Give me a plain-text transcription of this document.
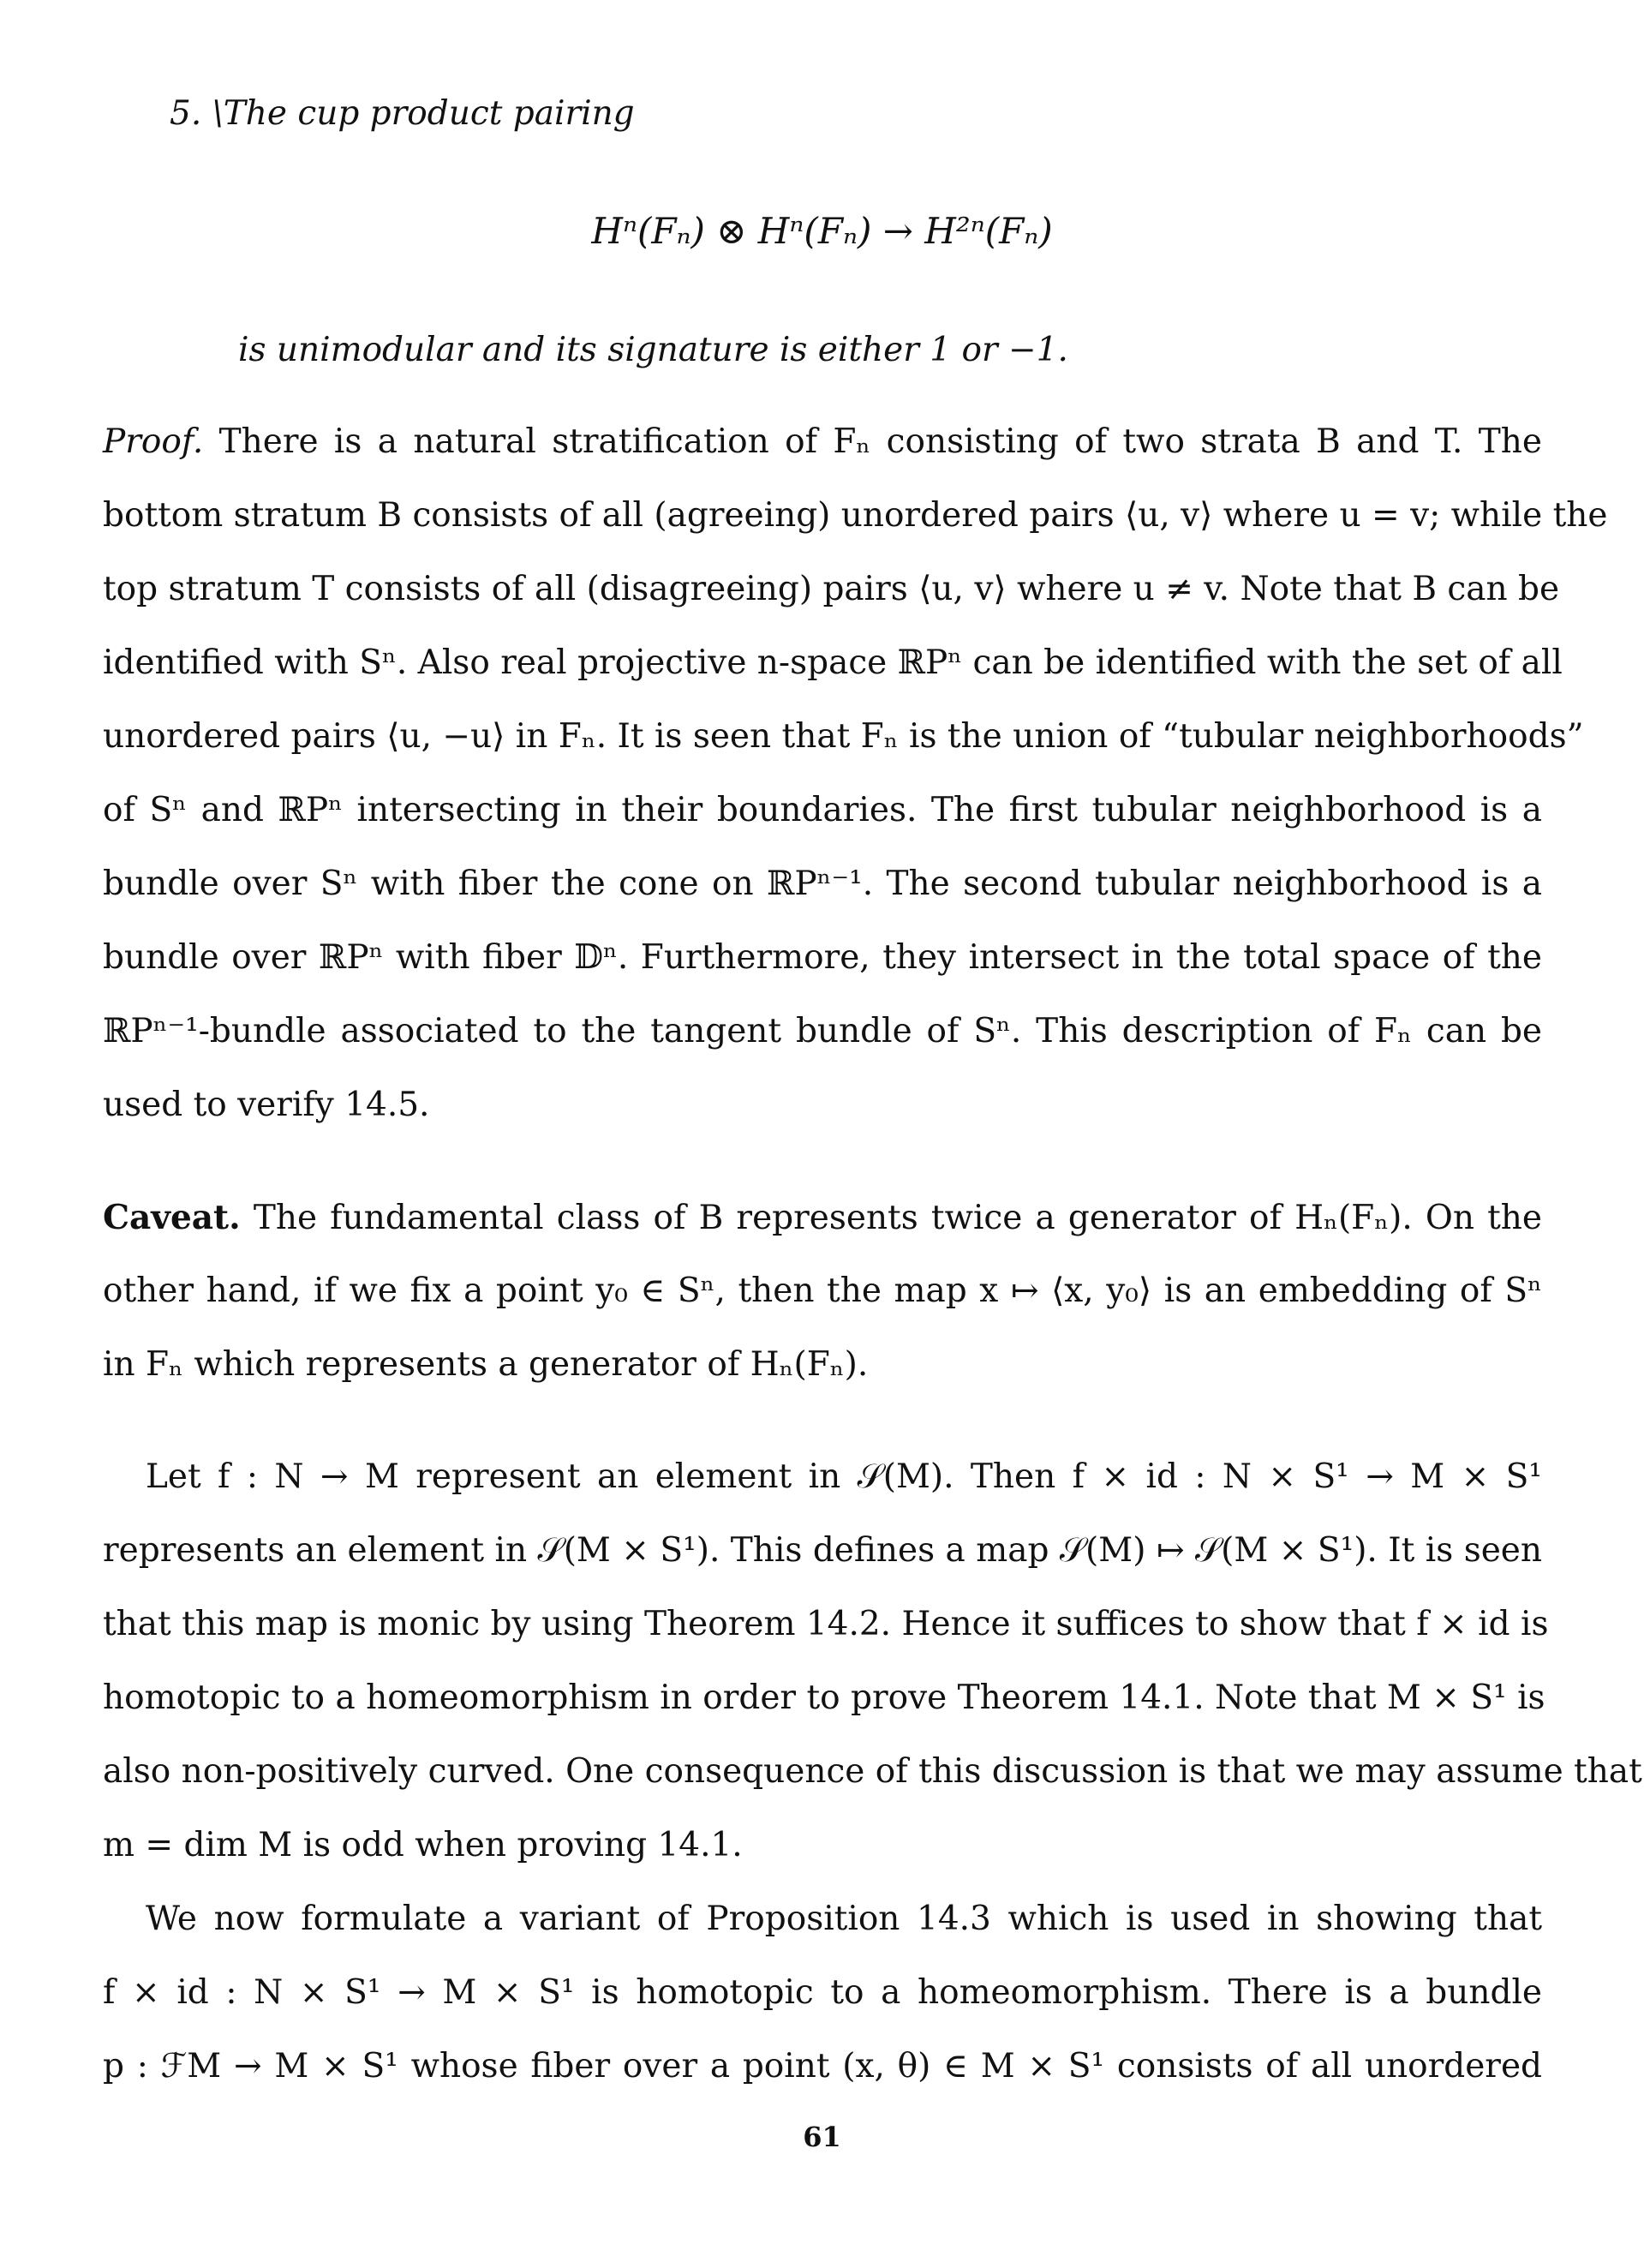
5. \The cup product pairing
Hⁿ(Fₙ) ⊗ Hⁿ(Fₙ) → H²ⁿ(Fₙ)
is unimodular and its signature is either 1 or −1.
Proof. There is a natural stratification of Fₙ consisting of two strata B and T. The
bottom stratum B consists of all (agreeing) unordered pairs ⟨u, v⟩ where u = v; while the
top stratum T consists of all (disagreeing) pairs ⟨u, v⟩ where u ≠ v. Note that B can be
identified with Sⁿ. Also real projective n-space ℝPⁿ can be identified with the set of all
unordered pairs ⟨u, −u⟩ in Fₙ. It is seen that Fₙ is the union of “tubular neighborhoods”
of Sⁿ and ℝPⁿ intersecting in their boundaries. The first tubular neighborhood is a
bundle over Sⁿ with fiber the cone on ℝPⁿ⁻¹. The second tubular neighborhood is a
bundle over ℝPⁿ with fiber 𝔻ⁿ. Furthermore, they intersect in the total space of the
ℝPⁿ⁻¹-bundle associated to the tangent bundle of Sⁿ. This description of Fₙ can be
used to verify 14.5.
Caveat. The fundamental class of B represents twice a generator of Hₙ(Fₙ). On the
other hand, if we fix a point y₀ ∈ Sⁿ, then the map x ↦ ⟨x, y₀⟩ is an embedding of Sⁿ
in Fₙ which represents a generator of Hₙ(Fₙ).
Let f : N → M represent an element in 𝒮(M). Then f × id : N × S¹ → M × S¹
represents an element in 𝒮(M × S¹). This defines a map 𝒮(M) ↦ 𝒮(M × S¹). It is seen
that this map is monic by using Theorem 14.2. Hence it suffices to show that f × id is
homotopic to a homeomorphism in order to prove Theorem 14.1. Note that M × S¹ is
also non-positively curved. One consequence of this discussion is that we may assume that
m = dim M is odd when proving 14.1.
We now formulate a variant of Proposition 14.3 which is used in showing that
f × id : N × S¹ → M × S¹ is homotopic to a homeomorphism. There is a bundle
p : ℱM → M × S¹ whose fiber over a point (x, θ) ∈ M × S¹ consists of all unordered
61
